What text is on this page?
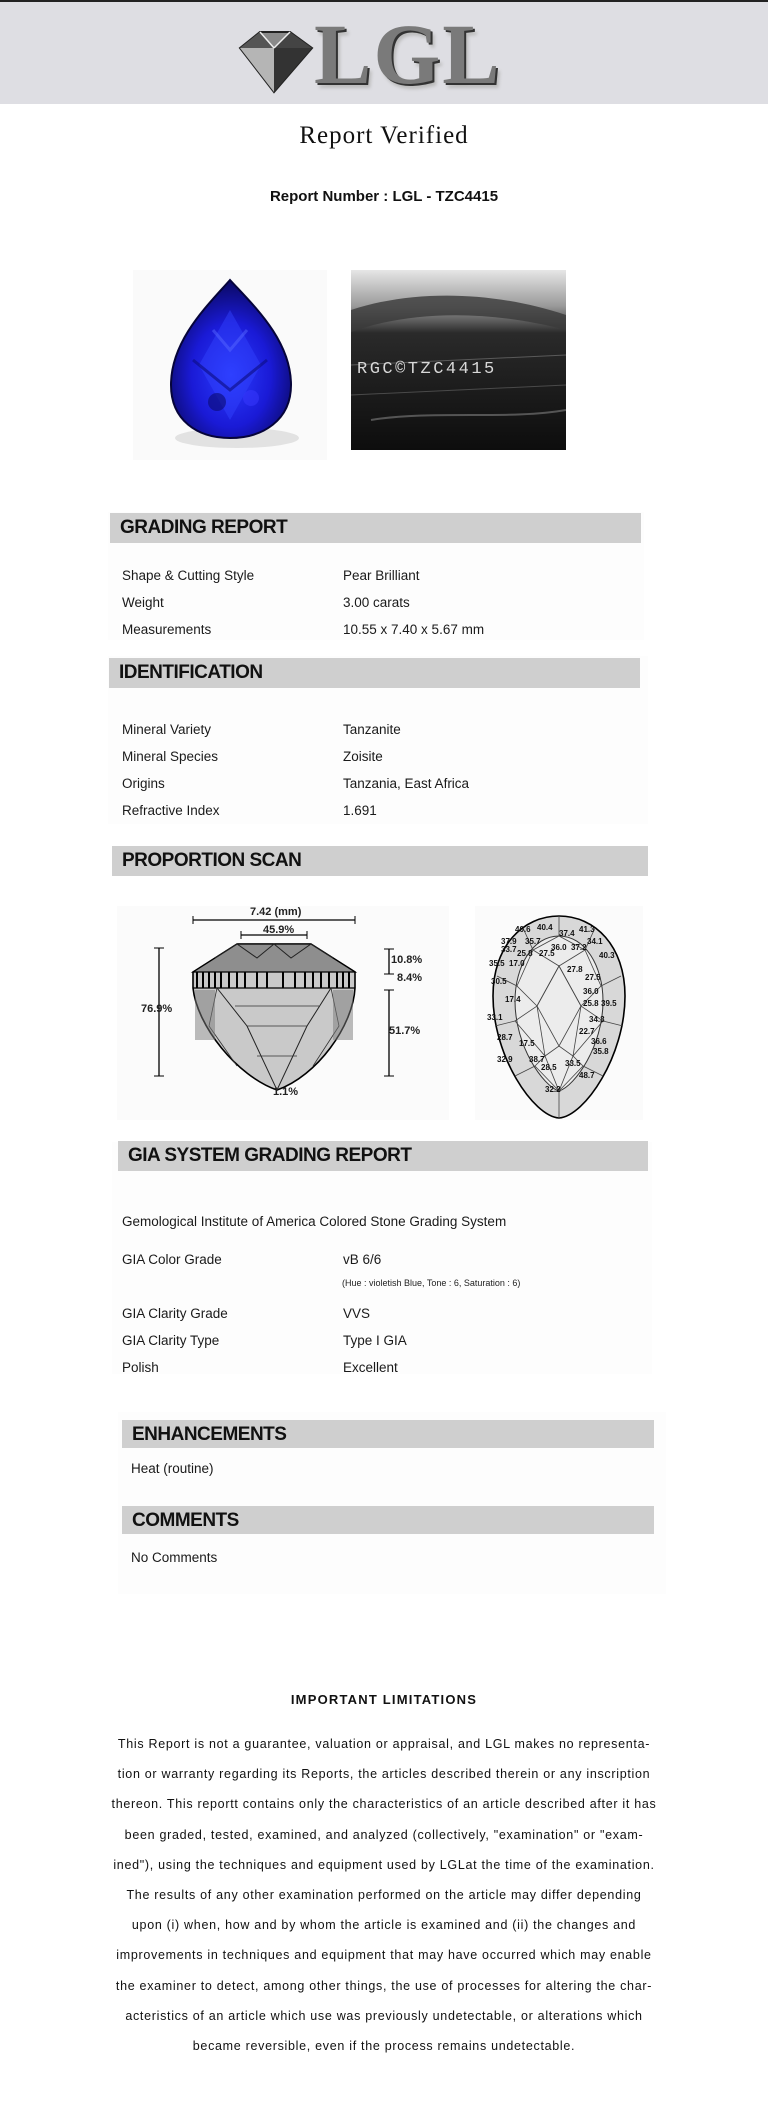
LGL
Report Verified
Report Number : LGL - TZC4415
RGC©TZC4415
GRADING REPORT
Shape & Cutting Style	Pear Brilliant
Weight	3.00 carats
Measurements	10.55 x 7.40 x 5.67 mm
IDENTIFICATION
Mineral Variety	Tanzanite
Mineral Species	Zoisite
Origins	Tanzania, East Africa
Refractive Index	1.691
PROPORTION SCAN
7.42 (mm)
45.9%
76.9%
10.8%
8.4%
51.7%
1.1%
40.6 40.4
37.9 35.7
37.4 41.3
36.0
33.7 25.8 27.5
37.2
34.1
35.5 17.0
27.8
40.3
30.5	27.5
36.0
17.4	25.8 39.5
33.1	34.3
28.7
22.7
17.5	36.6
32.9 38.7	33.5
28.5
48.7
32.2
35.8
GIA SYSTEM GRADING REPORT
Gemological Institute of America Colored Stone Grading System
GIA Color Grade	vB 6/6
(Hue : violetish Blue, Tone : 6, Saturation : 6)
GIA Clarity Grade	VVS
GIA Clarity Type	Type I GIA
Polish	Excellent
ENHANCEMENTS
Heat (routine)
COMMENTS
No Comments
IMPORTANT LIMITATIONS
This Report is not a guarantee, valuation or appraisal, and LGL makes no representa-
tion or warranty regarding its Reports, the articles described therein or any inscription
thereon. This reportt contains only the characteristics of an article described after it has
been graded, tested, examined, and analyzed (collectively, "examination" or "exam-
ined"), using the techniques and equipment used by LGLat the time of the examination.
The results of any other examination performed on the article may differ depending
upon (i) when, how and by whom the article is examined and (ii) the changes and
improvements in techniques and equipment that may have occurred which may enable
the examiner to detect, among other things, the use of processes for altering the char-
acteristics of an article which use was previously undetectable, or alterations which
became reversible, even if the process remains undetectable.
